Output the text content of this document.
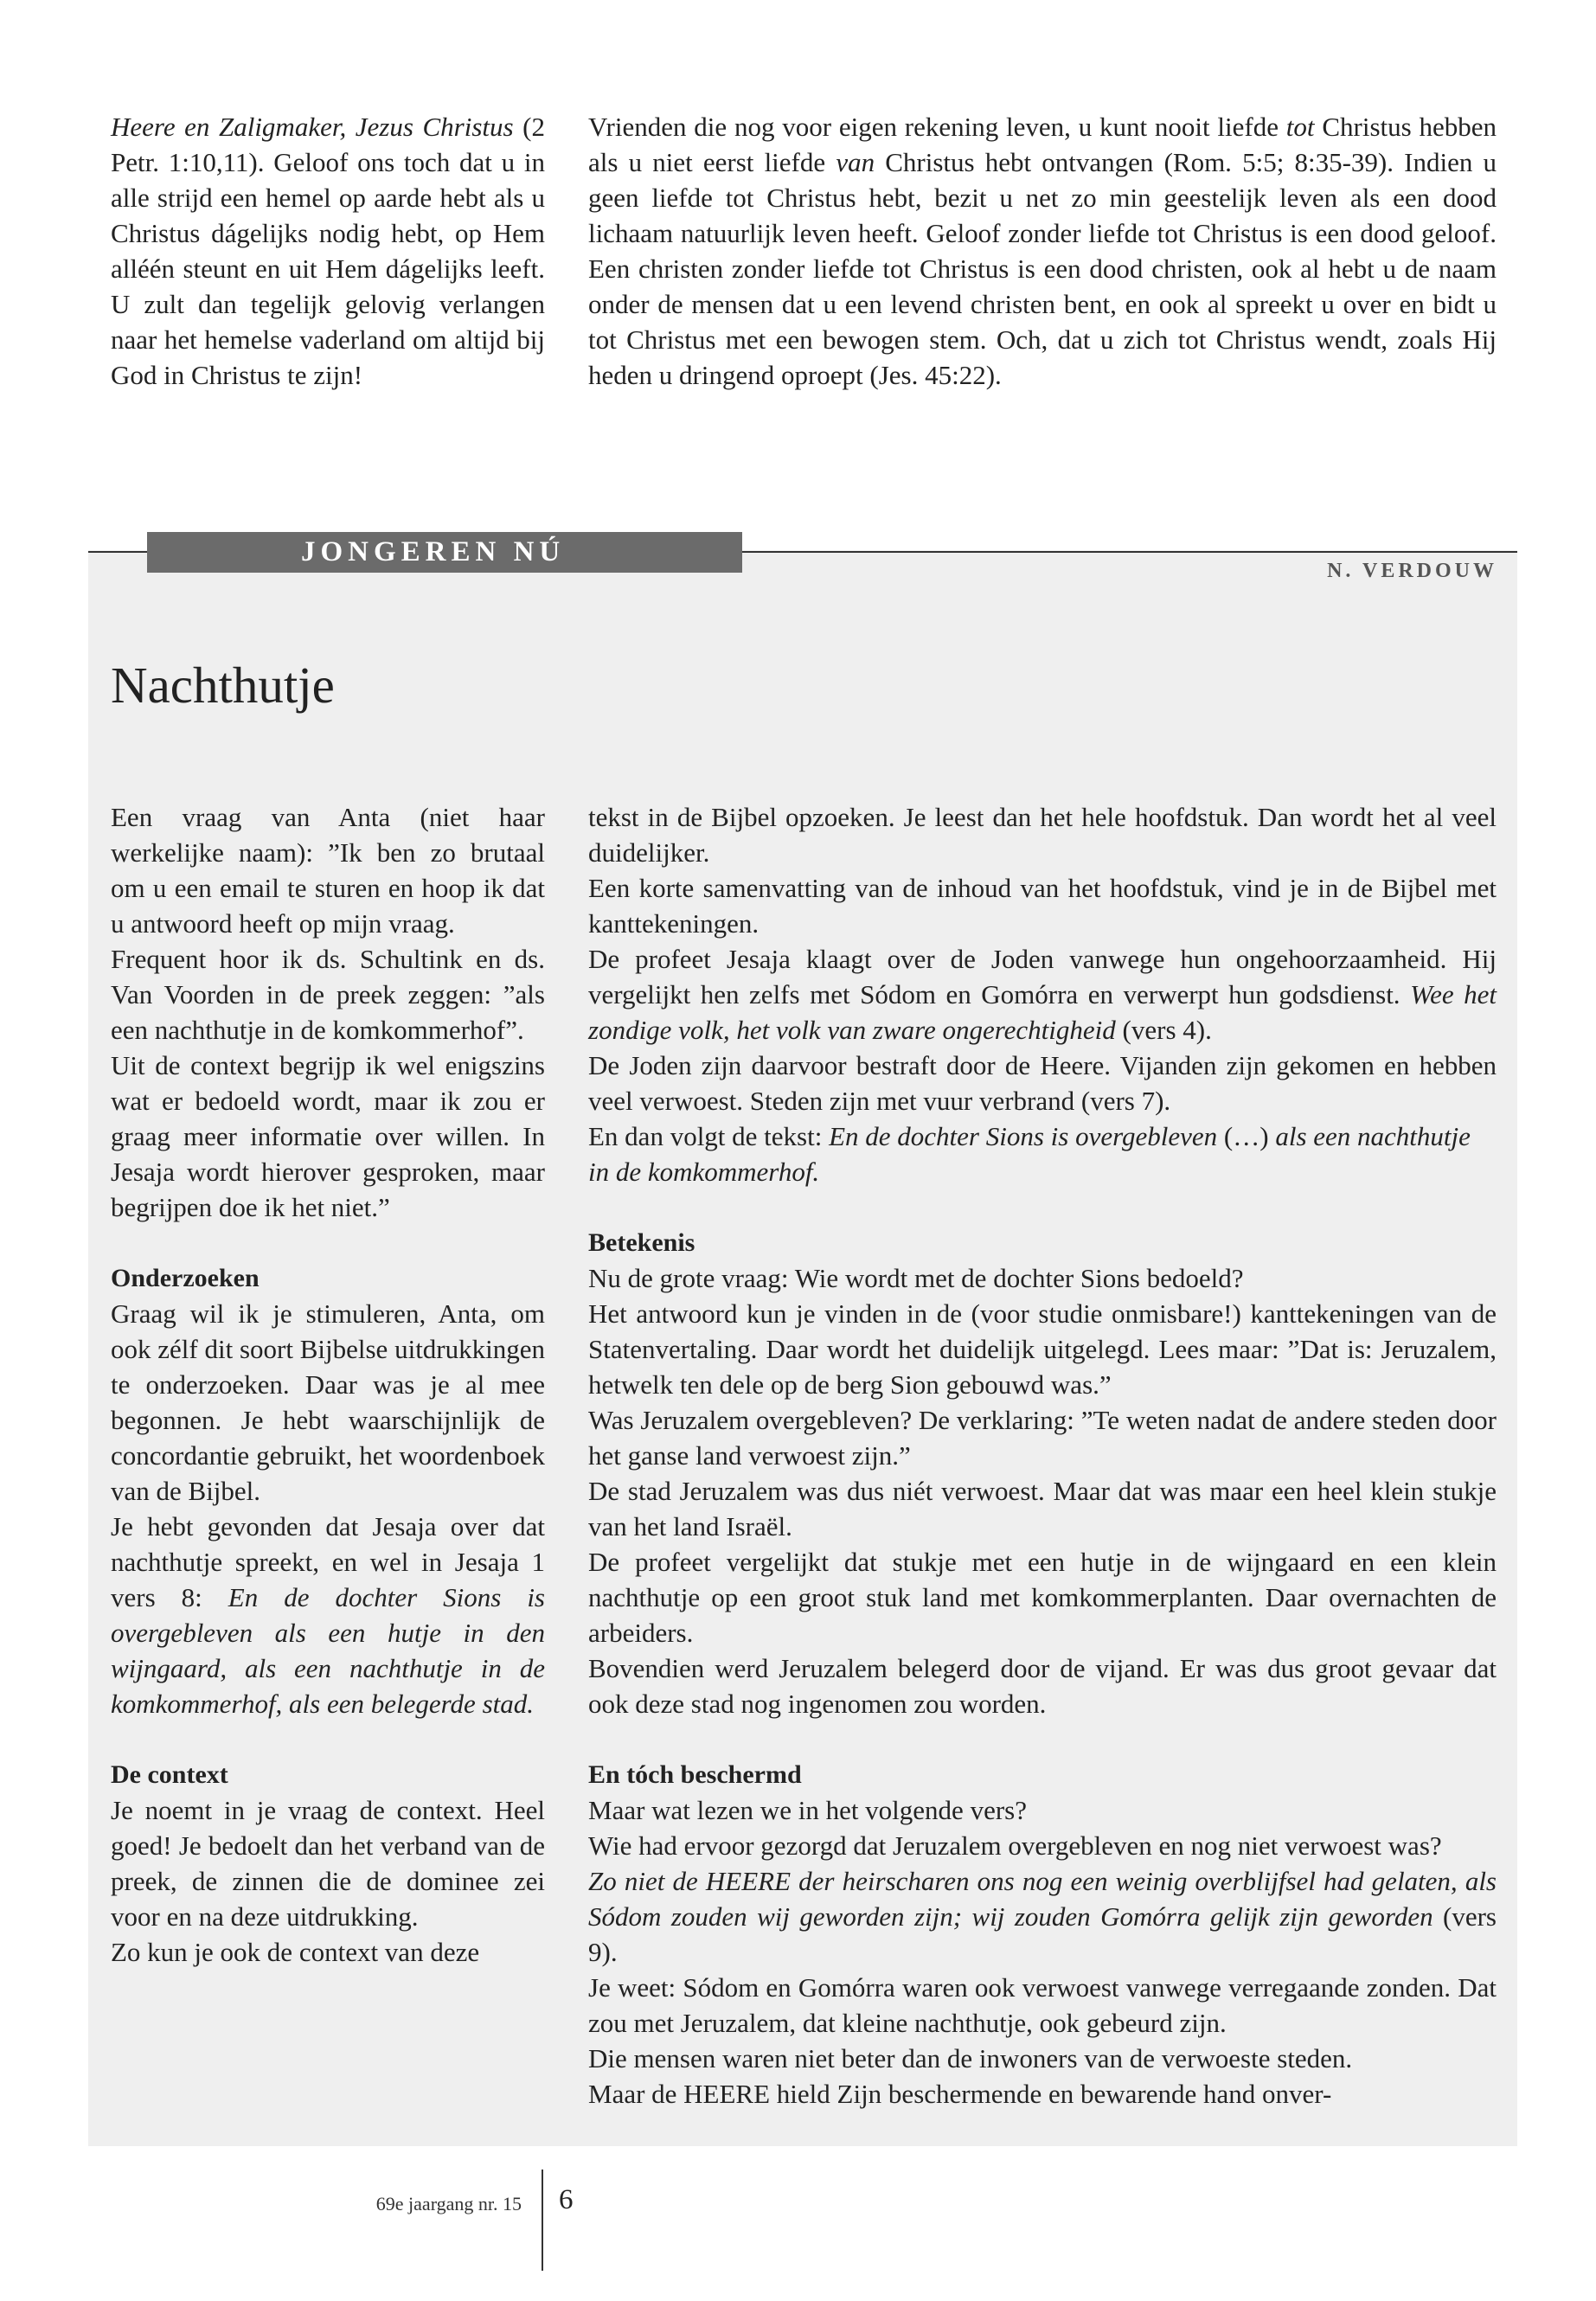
Heere en Zaligmaker, Jezus Christus (2 Petr. 1:10,11). Geloof ons toch dat u in alle strijd een hemel op aarde hebt als u Christus dágelijks nodig hebt, op Hem alléén steunt en uit Hem dágelijks leeft. U zult dan tegelijk gelovig verlangen naar het hemelse vaderland om altijd bij God in Christus te zijn!

Vrienden die nog voor eigen rekening leven, u kunt nooit liefde tot Christus hebben als u niet eerst liefde van Christus hebt ontvangen (Rom. 5:5; 8:35-39). Indien u geen liefde tot Christus hebt, bezit u net zo min geestelijk leven als een dood lichaam natuurlijk leven heeft. Geloof zonder liefde tot Christus is een dood geloof. Een christen zonder liefde tot Christus is een dood christen, ook al hebt u de naam onder de mensen dat u een levend christen bent, en ook al spreekt u over en bidt u tot Christus met een bewogen stem. Och, dat u zich tot Christus wendt, zoals Hij heden u dringend oproept (Jes. 45:22).

JONGEREN NÚ
N. VERDOUW
Nachthutje

Een vraag van Anta (niet haar werkelijke naam): ”Ik ben zo brutaal om u een email te sturen en hoop ik dat u antwoord heeft op mijn vraag.

Frequent hoor ik ds. Schultink en ds. Van Voorden in de preek zeggen: ”als een nachthutje in de komkommerhof”.

Uit de context begrijp ik wel enigszins wat er bedoeld wordt, maar ik zou er graag meer informatie over willen. In Jesaja wordt hierover gesproken, maar begrijpen doe ik het niet.”

Onderzoeken

Graag wil ik je stimuleren, Anta, om ook zélf dit soort Bijbelse uitdrukkingen te onderzoeken. Daar was je al mee begonnen. Je hebt waarschijnlijk de concordantie gebruikt, het woordenboek van de Bijbel.

Je hebt gevonden dat Jesaja over dat nachthutje spreekt, en wel in Jesaja 1 vers 8: En de dochter Sions is overgebleven als een hutje in den wijngaard, als een nachthutje in de komkommerhof, als een belegerde stad.

De context

Je noemt in je vraag de context. Heel goed! Je bedoelt dan het verband van de preek, de zinnen die de dominee zei voor en na deze uitdrukking.

Zo kun je ook de context van deze

tekst in de Bijbel opzoeken. Je leest dan het hele hoofdstuk. Dan wordt het al veel duidelijker.

Een korte samenvatting van de inhoud van het hoofdstuk, vind je in de Bijbel met kanttekeningen.

De profeet Jesaja klaagt over de Joden vanwege hun ongehoorzaamheid. Hij vergelijkt hen zelfs met Sódom en Gomórra en verwerpt hun godsdienst. Wee het zondige volk, het volk van zware ongerechtigheid (vers 4).

De Joden zijn daarvoor bestraft door de Heere. Vijanden zijn gekomen en hebben veel verwoest. Steden zijn met vuur verbrand (vers 7).

En dan volgt de tekst: En de dochter Sions is overgebleven (…) als een nachthutje in de komkommerhof.

Betekenis

Nu de grote vraag: Wie wordt met de dochter Sions bedoeld?

Het antwoord kun je vinden in de (voor studie onmisbare!) kanttekeningen van de Statenvertaling. Daar wordt het duidelijk uitgelegd. Lees maar: ”Dat is: Jeruzalem, hetwelk ten dele op de berg Sion gebouwd was.”

Was Jeruzalem overgebleven? De verklaring: ”Te weten nadat de andere steden door het ganse land verwoest zijn.”

De stad Jeruzalem was dus niét verwoest. Maar dat was maar een heel klein stukje van het land Israël.

De profeet vergelijkt dat stukje met een hutje in de wijngaard en een klein nachthutje op een groot stuk land met komkommerplanten. Daar overnachten de arbeiders.

Bovendien werd Jeruzalem belegerd door de vijand. Er was dus groot gevaar dat ook deze stad nog ingenomen zou worden.

En tóch beschermd

Maar wat lezen we in het volgende vers?

Wie had ervoor gezorgd dat Jeruzalem overgebleven en nog niet verwoest was?

Zo niet de HEERE der heirscharen ons nog een weinig overblijfsel had gelaten, als Sódom zouden wij geworden zijn; wij zouden Gomórra gelijk zijn geworden (vers 9).

Je weet: Sódom en Gomórra waren ook verwoest vanwege verregaande zonden. Dat zou met Jeruzalem, dat kleine nachthutje, ook gebeurd zijn.

Die mensen waren niet beter dan de inwoners van de verwoeste steden.

Maar de HEERE hield Zijn beschermende en bewarende hand onver-

69e jaargang nr. 15 6
